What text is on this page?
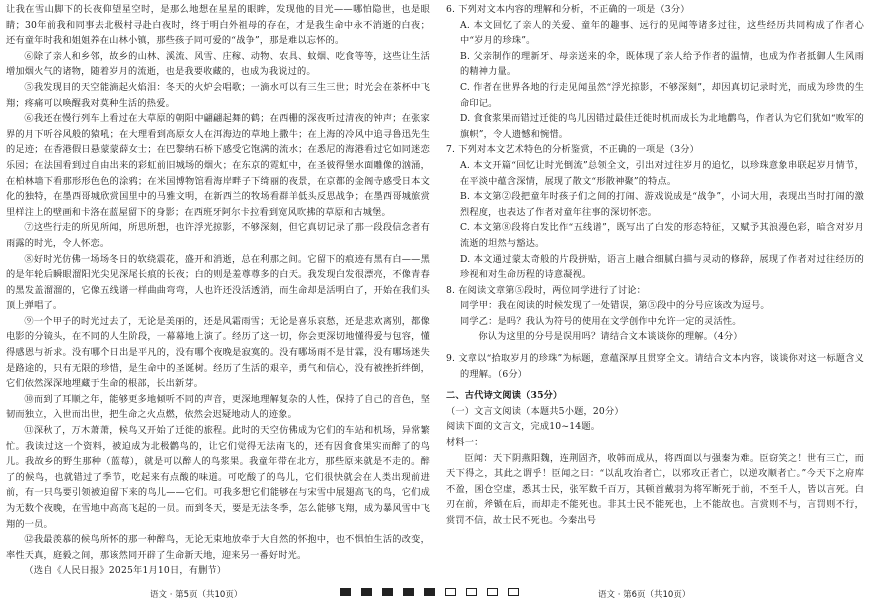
让我在雪山脚下的长夜仰望星空时，是那么地想在星星的眼眸，发现他的目光——哪怕隐世，也是眼睛；30年前我和同事去北极村寻赴白夜时，终于明白外祖母的存在，才是我生命中永不消逝的白夜；还有童年时我和姐姐养在山林小镇，那些孩子同可爱的“战争”，那是难以忘怀的。

⑥除了亲人和乡邻，故乡的山林、溪流、风雪、庄稼、动物、农具、蚊烟、吃食等等，这些让生活增加烟火气的诸物，随着岁月的流逝，也是我要收藏的，也成为我说过的。

⑤我发现目的天空能滴起火焰泪：冬天的火炉会唱歌；一滴水可以有三生三世；时光会在茶杯中飞翔；疼痛可以唤醒我对莫种生活的热爱。

⑥我还在慢行列车上看过在大草原的朝阳中翩翩起舞的鹤；在西栅的深夜听过清夜的钟声；在张家界的月下听谷风般的猿吼；在大理看到高原女人在洱海边的草地上撒牛；在上海的冷风中追寻鲁迅先生的足迹；在香港假日悬蒙蒙薛女士；在巴黎纳石桥下感受它饱满的流水；在悉尼的海港看过它如同迷恋乐园；在法国看到过自由出来的彩虹前旧城场的烟火；在东京的霓虹中，在圣彼得堡水面雕像的汹涌，在柏林墙下看那形形色色的涂鸦；在米国博物馆看海岸畔子下绮丽的夜景，在京都的金阁寺感受日本文化的独特，在墨西哥城欣赏国里中的马雅文明，在新西兰的牧场看群羊低头反思战争；在墨西哥城旅赏里样注上的壁画和卡洛在蓝屋留下的身影；在西班牙阿尔卡拉看到宽风吹拂的草原和古城堡。

⑦这些行走的所见所闻，所思所想，也许浮光掠影，不够深刻，但它真切记录了那一段段信念者有雨露的时光，令人怀恋。

⑧好时光仿佛一场场冬日的软绕震花，盛开和消逝，总在利那之间。它留下的痕迹有黑有白——黑的是年轮后瞬眼溜阳光尖见深尾长痕的长夜；白的则是羞尊尊多的白天。我发现白发很漂亮，不像青春的黑发盖溜溜的，它像五线谱一样曲曲弯弯，人也许还没活透消，而生命却是活明白了，开始在我们头顶上弹唱了。

⑨一个甲子的时光过去了，无论是美丽的，还是风霜雨雪；无论是喜乐哀愁，还是悲欢离别，都像电影的分镜头，在不同的人生阶段，一幕幕地上演了。经历了这一切，你会更深切地懂得爱与包容，懂得感恩与祈求。没有哪个日出是平凡的，没有哪个夜晚是寂寞的。没有哪场雨不是甘霖，没有哪场迷失是路途的，只有无限的珍惜，是生命中的圣诞树。经历了生活的艰辛，勇气和信心，没有被挫折绊倒，它们依然深深地埋藏于生命的根部，长出新芽。

⑩而到了耳顺之年，能够更多地倾听不同的声音，更深地理解复杂的人性，保持了自己的音色，坚韧而独立，入世而出世，把生命之火点燃，依然会迟疑地动人的迹象。

⑪深秋了，万木萧萧，候鸟又开始了迁徙的旅程。此时的天空仿佛成为它们的车站和机场，异常繁忙。我读过这一个资料，被迫成为北极鹳鸟的，让它们觉得无法南飞的，还有因食食果实而醉了的鸟儿。我故乡的野生那种（蓝莓），就是可以醉人的鸟浆果。我童年带在北方，那些原来就是不走的。醉了的候鸟，也就错过了季节，吃起来有点酸的味道。可吃酸了的鸟儿，它们很快就会在人类出现前进前，有一只鸟要引领被迫留下来的鸟儿——它们。可我多想它们能够在与宋雪中展翅高飞的鸟，它们成为无数个夜晚，在雪地中高高飞起的一员。而到冬天，要是无法冬季，怎么能够飞翔，成为暴风雪中飞翔的一员。

⑫我最羡慕的候鸟所怀的那一种醉鸟，无论无束地放牵于大自然的怀抱中，也不惧怕生活的改变，率性天真，庭毅之间，那该然同开辟了生命新天地，迎来另一番好时光。

（选自《人民日报》2025年1月10日，有删节）

6. 下列对文本内容的理解和分析，不正确的一项是（3分）

A. 本文回忆了亲人的关爱、童年的趣事、远行的见闻等诸多过往，这些经历共同构成了作者心中“岁月的珍珠”。

B. 父亲制作的理新牙、母亲送来的伞，既体现了亲人给予作者的温情，也成为作者抵御人生风雨的精神力量。

C. 作者在世界各地的行走见闻虽然“浮光掠影，不够深刻”，却因真切记录时光，而成为珍贵的生命印记。

D. 食食浆果而错过迁徙的鸟儿因错过最佳迁徙时机而成长为北地鹳鸟，作者认为它们犹如“败军的旗帜”，令人遗憾和惋惜。

7. 下列对本文艺术特色的分析鉴赏，不正确的一项是（3分）

A. 本文开篇“回忆让时光倒流”总领全文，引出对过往岁月的追忆，以珍珠意象串联起岁月情节，在平淡中蕴含深情，展现了散文“形散神聚”的特点。

B. 本文第②段把童年时孩子们之间的打闹、游戏说成是“战争”，小词大用，表现出当时打闹的激烈程度，也表达了作者对童年往事的深切怀恋。

C. 本文第⑧段将白发比作“五线谱”，既写出了白发的形态特征，又赋予其浪漫色彩，暗含对岁月流逝的坦然与豁达。

D. 本文通过蒙太奇般的片段拼贴，语言上融合细腻白描与灵动的修辞，展现了作者对过往经历的珍视和对生命历程的诗意凝视。

8. 在阅读文章第⑤段时，两位同学进行了讨论：

同学甲：我在阅读的时候发现了一处错误，第⑤段中的分号应该改为逗号。

同学乙：是吗？我认为符号的使用在文学创作中允许一定的灵活性。

你认为这里的分号是误用吗？请结合文本谈谈你的理解。（4分）

9. 文章以“拾取岁月的珍珠”为标题，意蕴深厚且贯穿全文。请结合文本内容，谈谈你对这一标题含义的理解。（6分）

二、古代诗文阅读（35分）

（一）文言文阅读（本题共5小题，20分）

阅读下面的文言文，完成10~14题。

材料一：

臣闻：天下阴燕阳魏，连荆固齐，收韩而成从，将西面以与强秦为难。臣窃笑之！世有三亡，而天下得之，其此之谓乎！臣闻之曰：“以乱攻治者亡，以邪攻正者亡，以逆攻顺者亡。”今天下之府库不盈，囷仓空虚，悉其士民，张军数千百万，其顿首戴羽为将军断死于前，不至千人，皆以言死。白刃在前，斧锧在后，而却走不能死也。非其士民不能死也，上不能故也。言赏则不与，言罚则不行，赏罚不信，故士民不死也。今秦出号

语文 · 第5页（共10页）	语文 · 第6页（共10页）
